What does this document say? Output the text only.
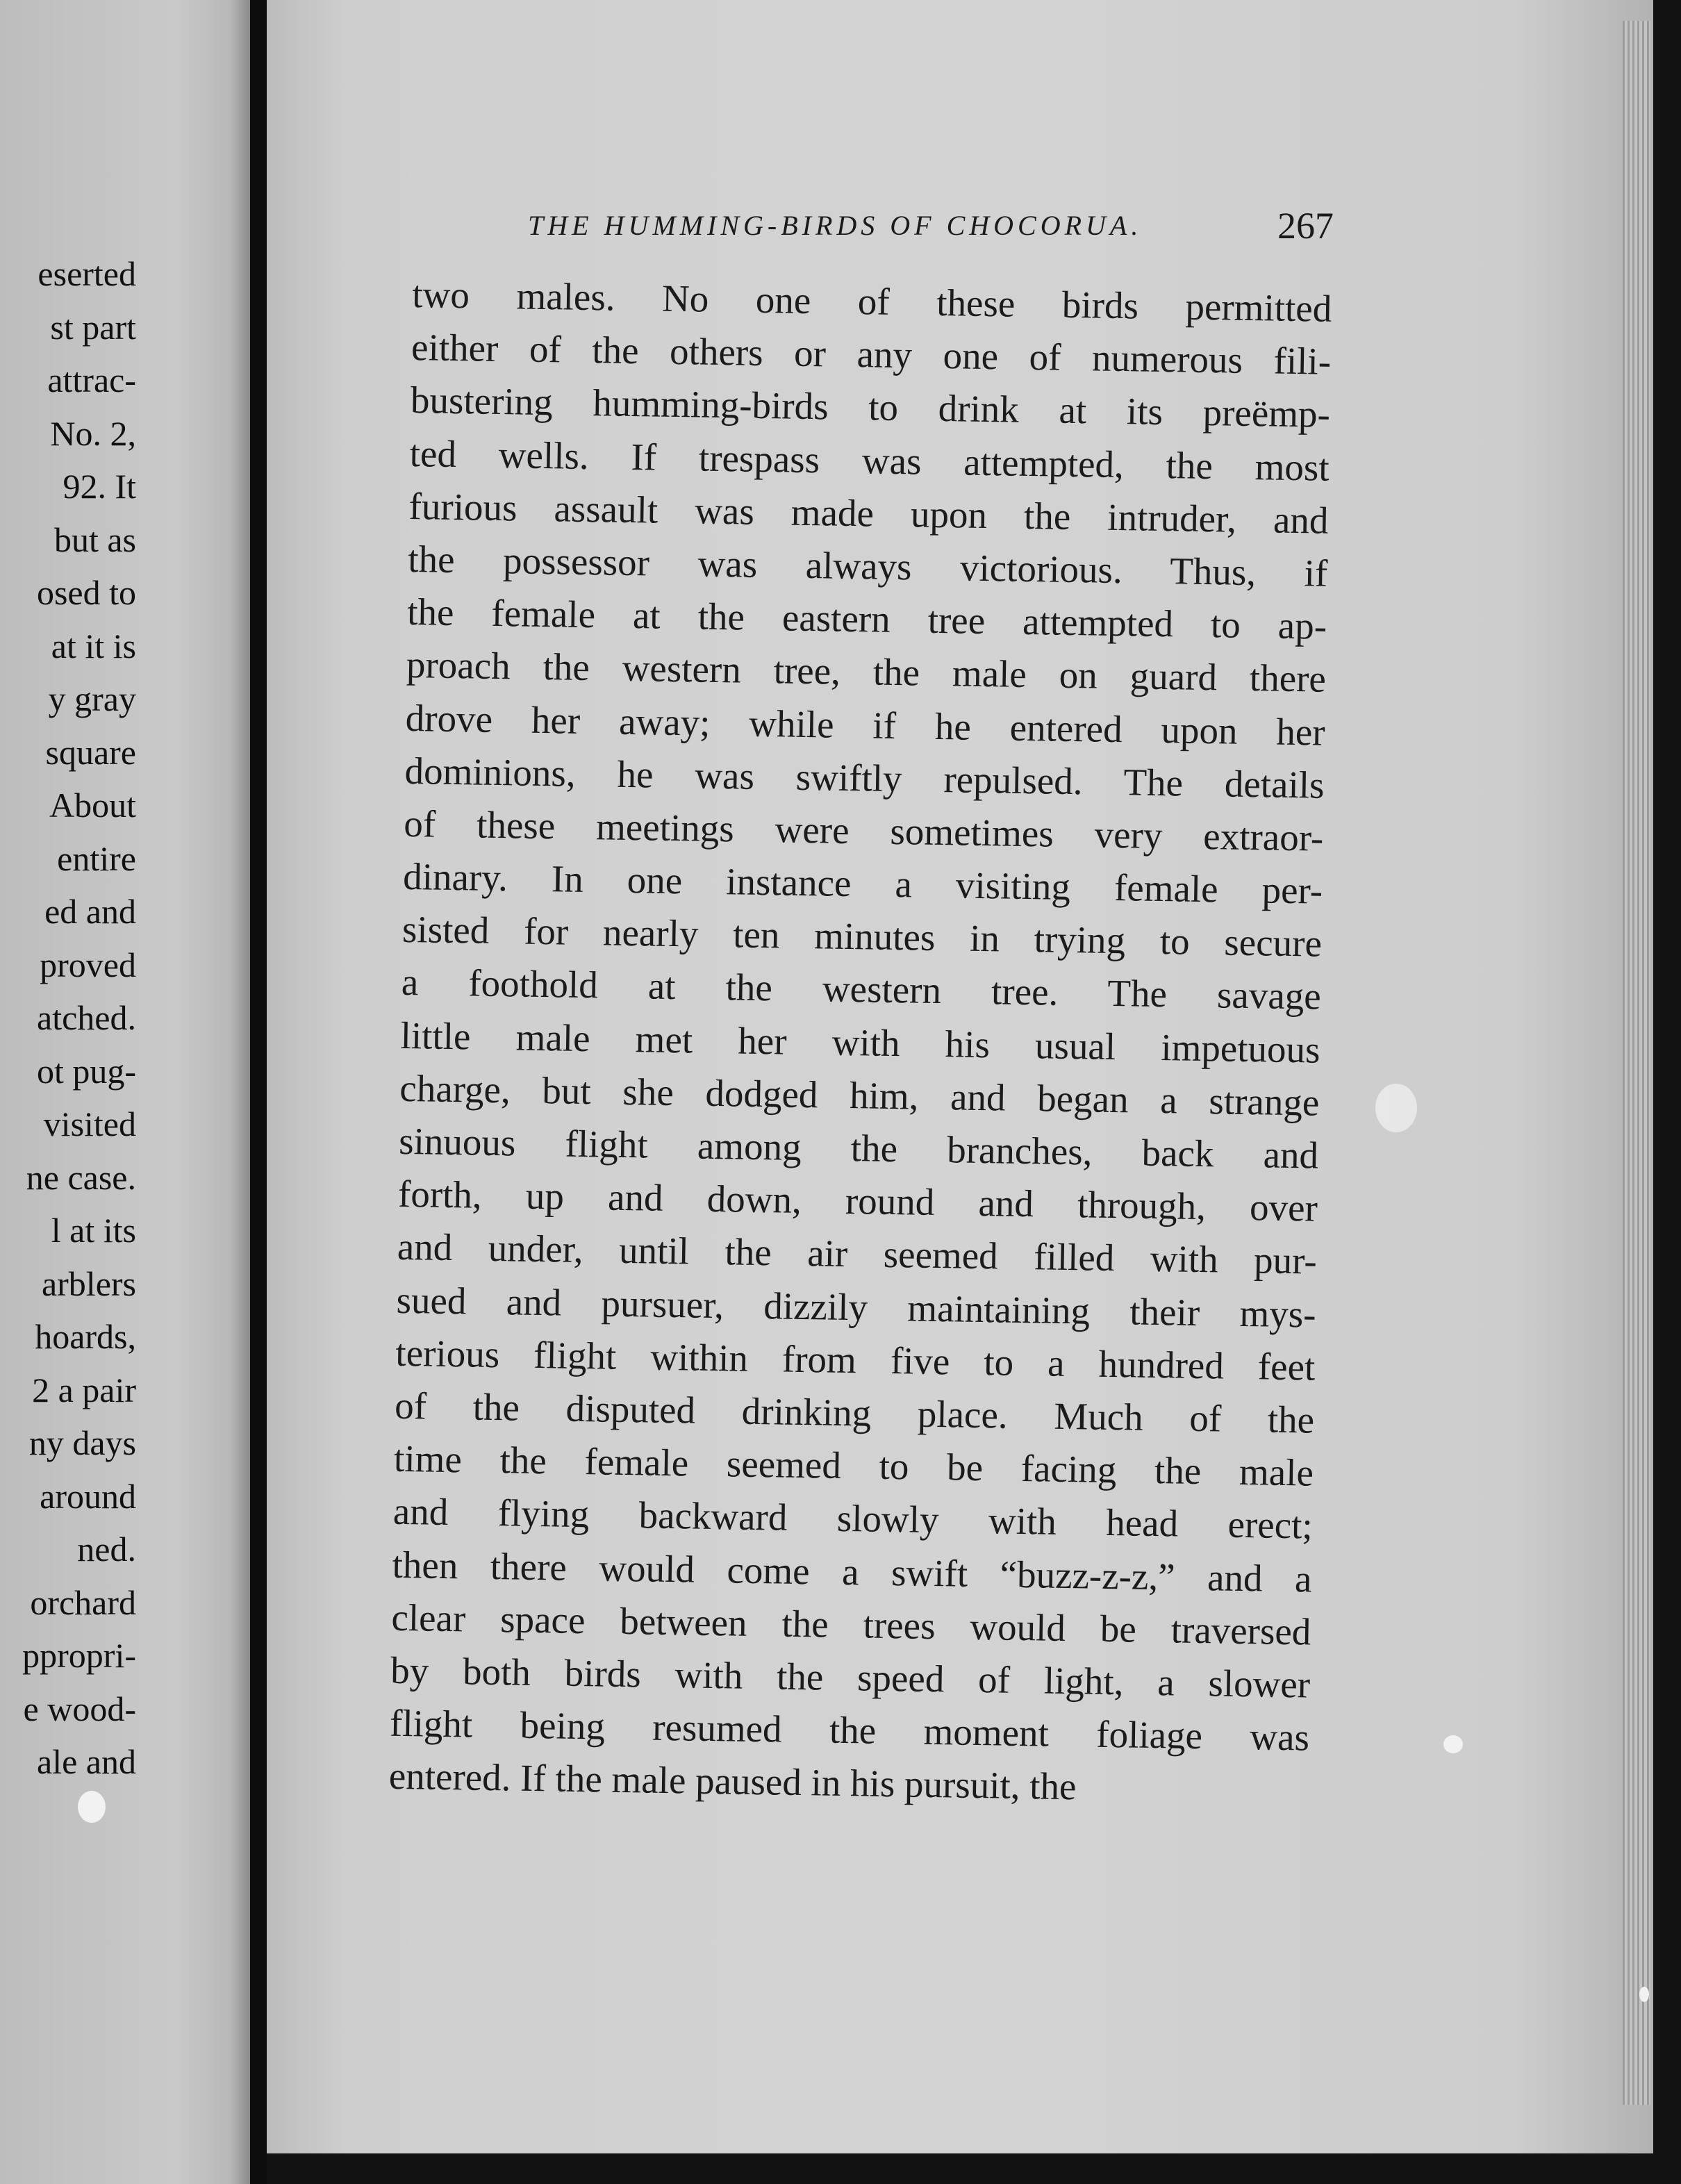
eserted
st part
attrac-
No. 2,
92. It
but as
osed to
at it is
y gray
square
About
entire
ed and
proved
atched.
ot pug-
visited
ne case.
l at its
arblers
hoards,
2 a pair
ny days
around
ned.
orchard
ppropri-
e wood-
ale and
THE HUMMING-BIRDS OF CHOCORUA.	267
two males. No one of these birds permitted
either of the others or any one of numerous fili-
bustering humming-birds to drink at its preëmp-
ted wells. If trespass was attempted, the most
furious assault was made upon the intruder, and
the possessor was always victorious. Thus, if
the female at the eastern tree attempted to ap-
proach the western tree, the male on guard there
drove her away; while if he entered upon her
dominions, he was swiftly repulsed. The details
of these meetings were sometimes very extraor-
dinary. In one instance a visiting female per-
sisted for nearly ten minutes in trying to secure
a foothold at the western tree. The savage
little male met her with his usual impetuous
charge, but she dodged him, and began a strange
sinuous flight among the branches, back and
forth, up and down, round and through, over
and under, until the air seemed filled with pur-
sued and pursuer, dizzily maintaining their mys-
terious flight within from five to a hundred feet
of the disputed drinking place. Much of the
time the female seemed to be facing the male
and flying backward slowly with head erect;
then there would come a swift “buzz-z-z,” and a
clear space between the trees would be traversed
by both birds with the speed of light, a slower
flight being resumed the moment foliage was
entered. If the male paused in his pursuit, the
